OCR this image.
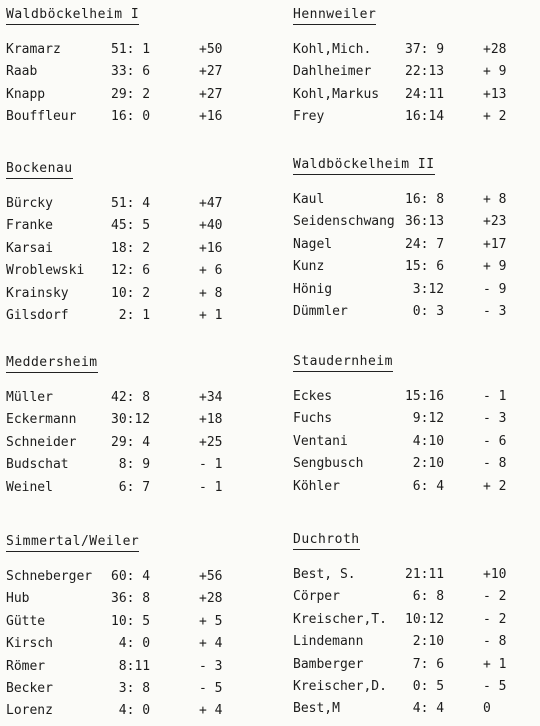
Waldböckelheim I
Kramarz	51: 1	+50
Raab	33: 6	+27
Knapp	29: 2	+27
Bouffleur	16: 0	+16
Bockenau
Bürcky	51: 4	+47
Franke	45: 5	+40
Karsai	18: 2	+16
Wroblewski 12: 6	+ 6
Krainsky	10: 2	+ 8
Gilsdorf	2: 1	+ 1
Meddersheim
Müller	42: 8	+34
Eckermann	30:12	+18
Schneider	29: 4	+25
Budschat	8: 9	- 1
Weinel	6: 7	- 1
Simmertal/Weiler
Schneberger 60: 4	+56
Hub	36: 8	+28
Gütte	10: 5	+ 5
Kirsch	4: 0	+ 4
Römer	8:11	- 3
Becker	3: 8	- 5
Lorenz	4: 0	+ 4
Hennweiler
Kohl,Mich.	37: 9	+28
Dahlheimer	22:13	+ 9
Kohl,Markus 24:11	+13
Frey	16:14	+ 2
Waldböckelheim II
Kaul	16: 8	+ 8
Seidenschwang 36:13	+23
Nagel	24: 7	+17
Kunz	15: 6	+ 9
Hönig	3:12	- 9
Dümmler	0: 3	- 3
Staudernheim
Eckes	15:16	- 1
Fuchs	9:12	- 3
Ventani	4:10	- 6
Sengbusch	2:10	- 8
Köhler	6: 4	+ 2
Duchroth
Best, S.	21:11	+10
Cörper	6: 8	- 2
Kreischer,T. 10:12	- 2
Lindemann	2:10	- 8
Bamberger	7: 6	+ 1
Kreischer,D.	0: 5	- 5
Best,M	4: 4	0
